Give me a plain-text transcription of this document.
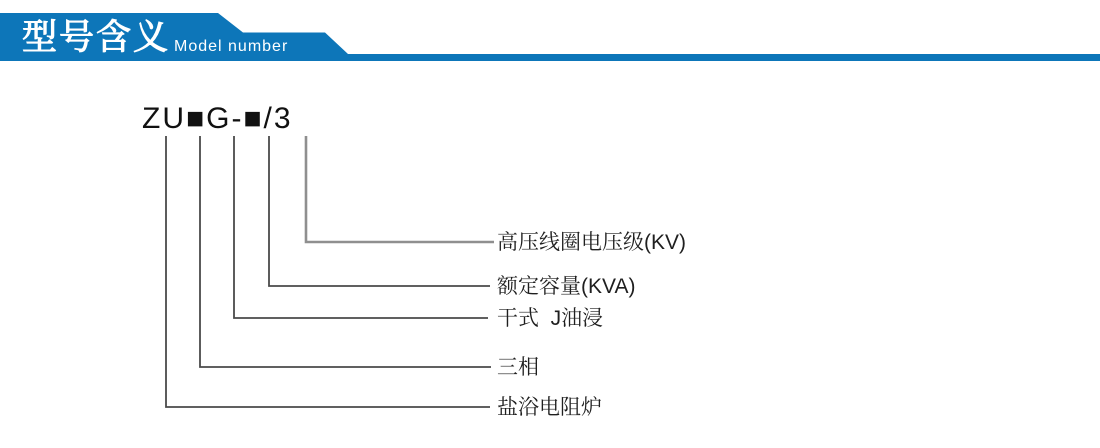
型号含义 Model number
ZU■G-■/3
高压线圈电压级(KV)
额定容量(KVA)
干式  J油浸
三相
盐浴电阻炉
